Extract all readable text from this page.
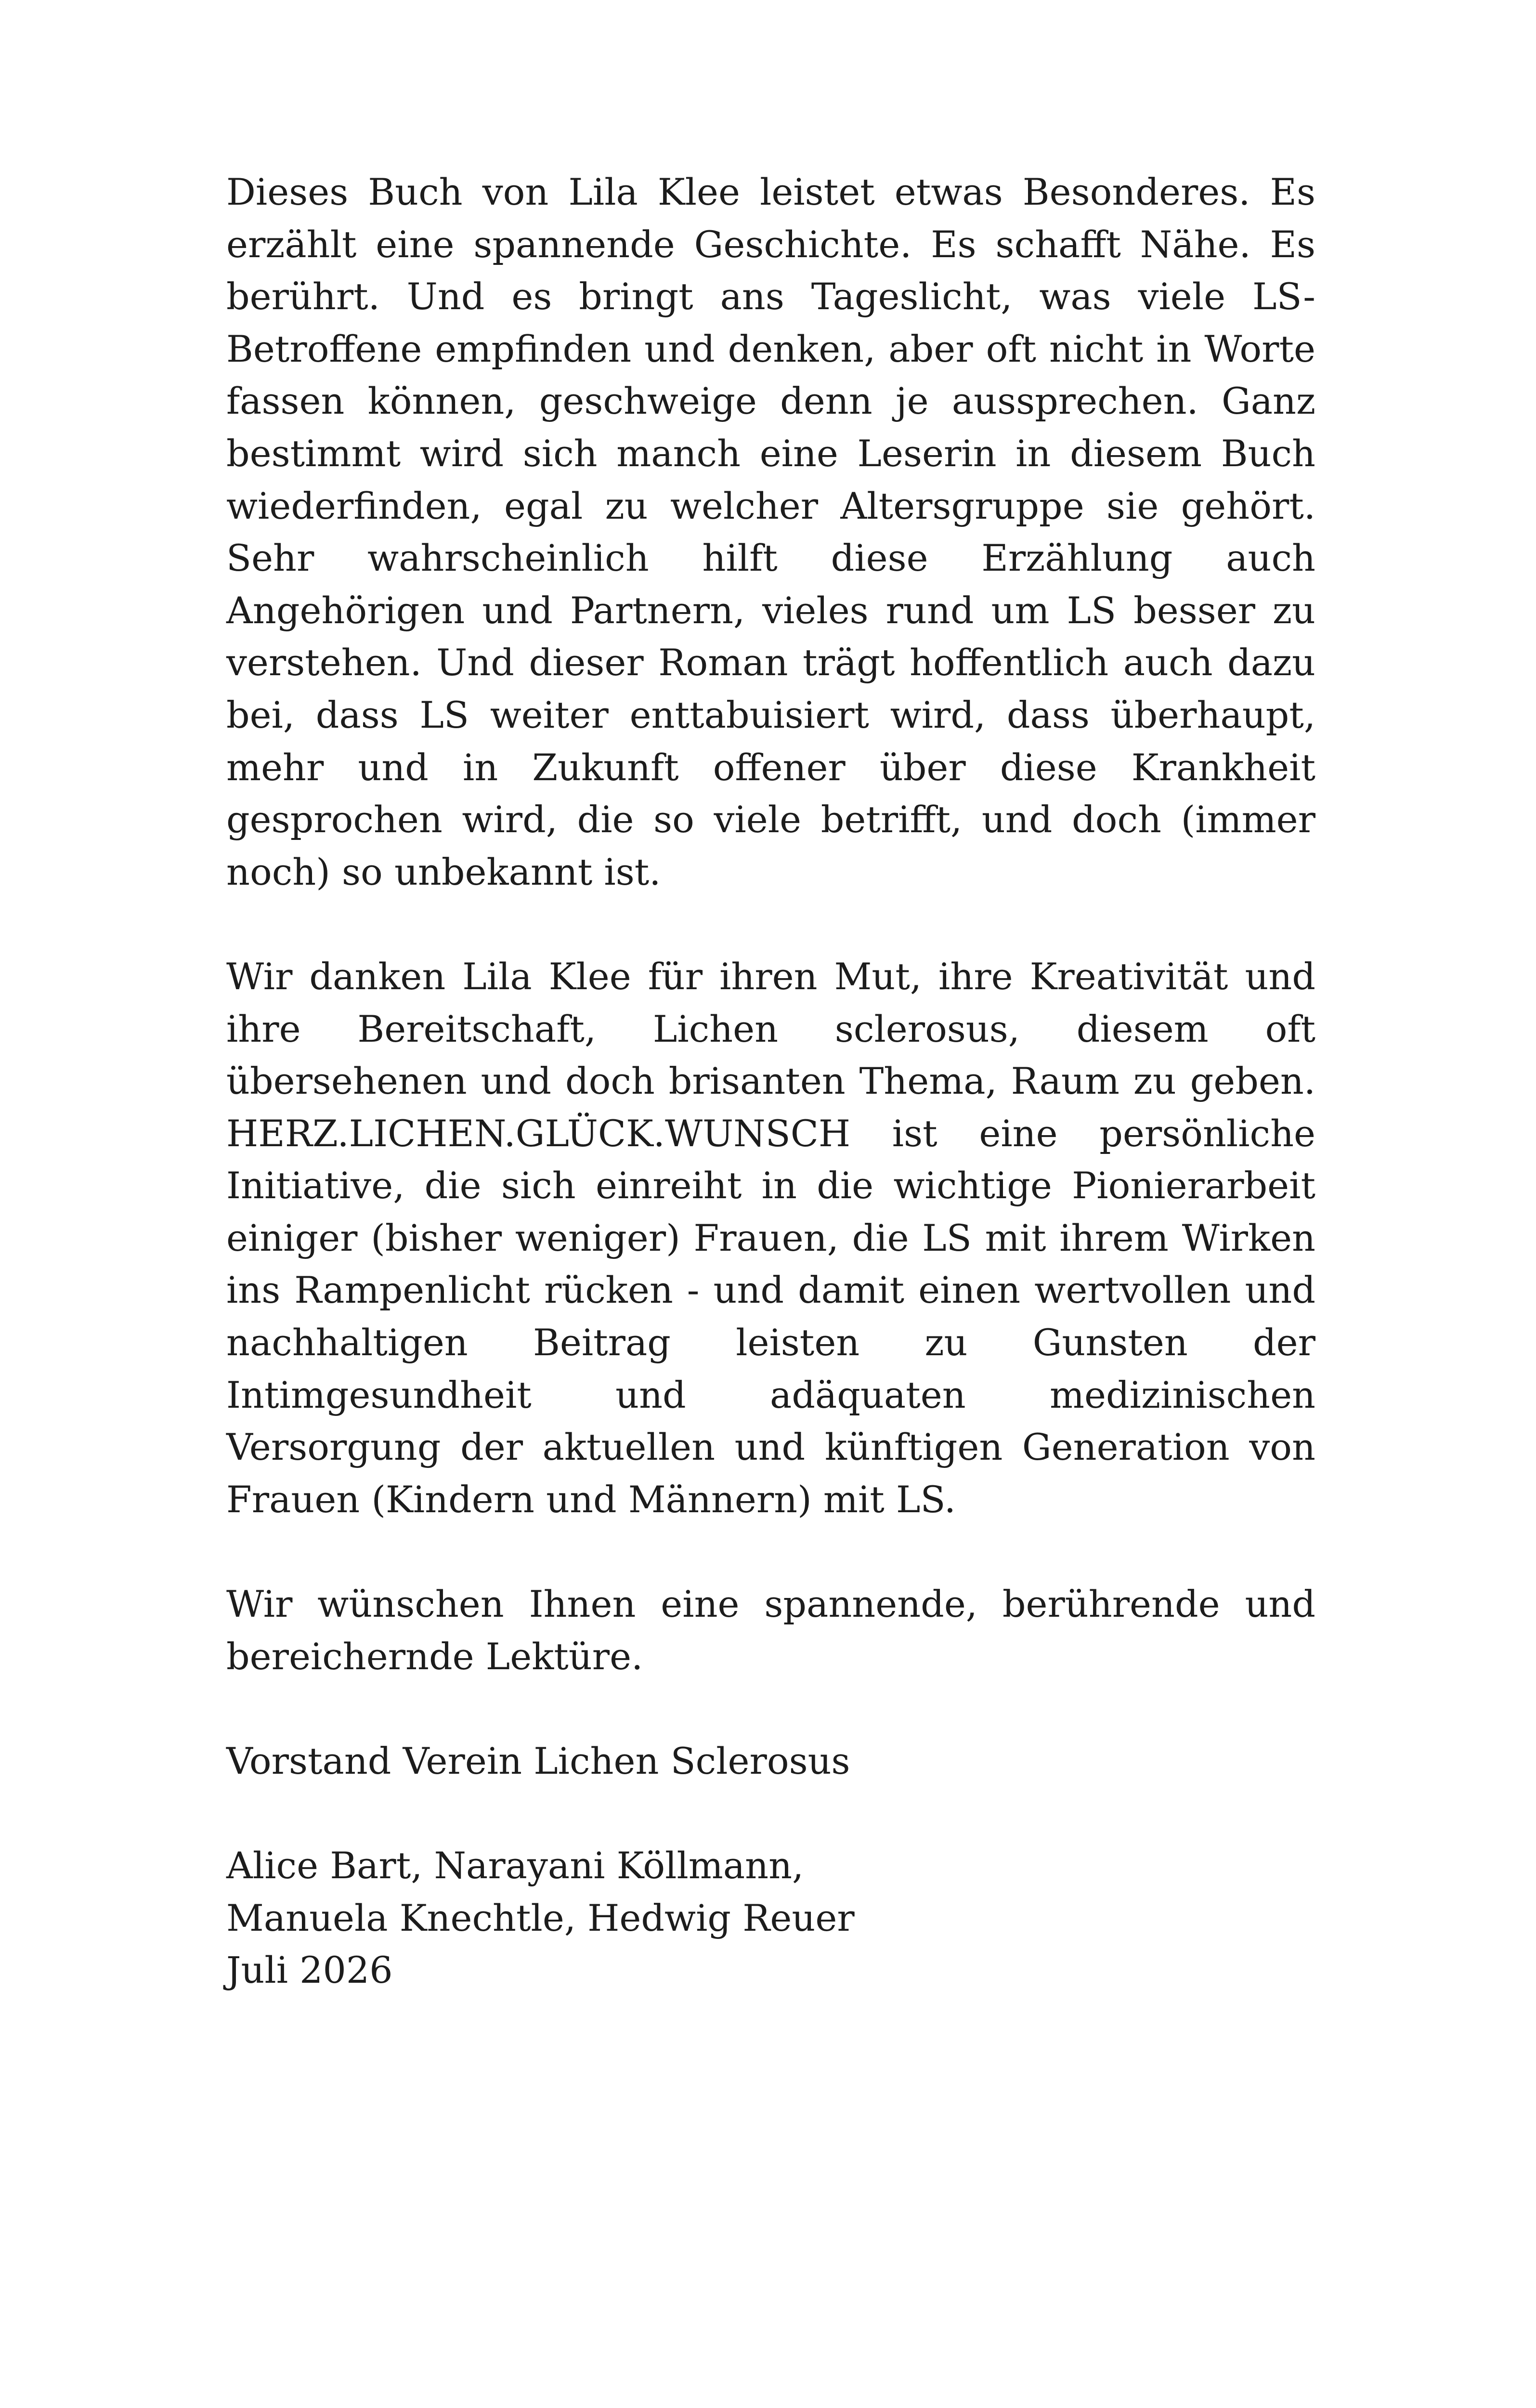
Dieses Buch von Lila Klee leistet etwas Besonderes. Es erzählt eine spannende Geschichte. Es schafft Nähe. Es berührt. Und es bringt ans Tageslicht, was viele LS-Betroffene empfinden und denken, aber oft nicht in Worte fassen können, geschweige denn je aussprechen. Ganz bestimmt wird sich manch eine Leserin in diesem Buch wiederfinden, egal zu welcher Altersgruppe sie gehört. Sehr wahrscheinlich hilft diese Erzählung auch Angehörigen und Partnern, vieles rund um LS besser zu verstehen. Und dieser Roman trägt hoffentlich auch dazu bei, dass LS weiter enttabuisiert wird, dass überhaupt, mehr und in Zukunft offener über diese Krankheit gesprochen wird, die so viele betrifft, und doch (immer noch) so unbekannt ist.

Wir danken Lila Klee für ihren Mut, ihre Kreativität und ihre Bereitschaft, Lichen sclerosus, diesem oft übersehenen und doch brisanten Thema, Raum zu geben. HERZ.LICHEN.GLÜCK.WUNSCH ist eine persönliche Initiative, die sich einreiht in die wichtige Pionierarbeit einiger (bisher weniger) Frauen, die LS mit ihrem Wirken ins Rampenlicht rücken - und damit einen wertvollen und nachhaltigen Beitrag leisten zu Gunsten der Intimgesundheit und adäquaten medizinischen Versorgung der aktuellen und künftigen Generation von Frauen (Kindern und Männern) mit LS.

Wir wünschen Ihnen eine spannende, berührende und bereichernde Lektüre.

Vorstand Verein Lichen Sclerosus

Alice Bart, Narayani Köllmann,
Manuela Knechtle, Hedwig Reuer
Juli 2026
